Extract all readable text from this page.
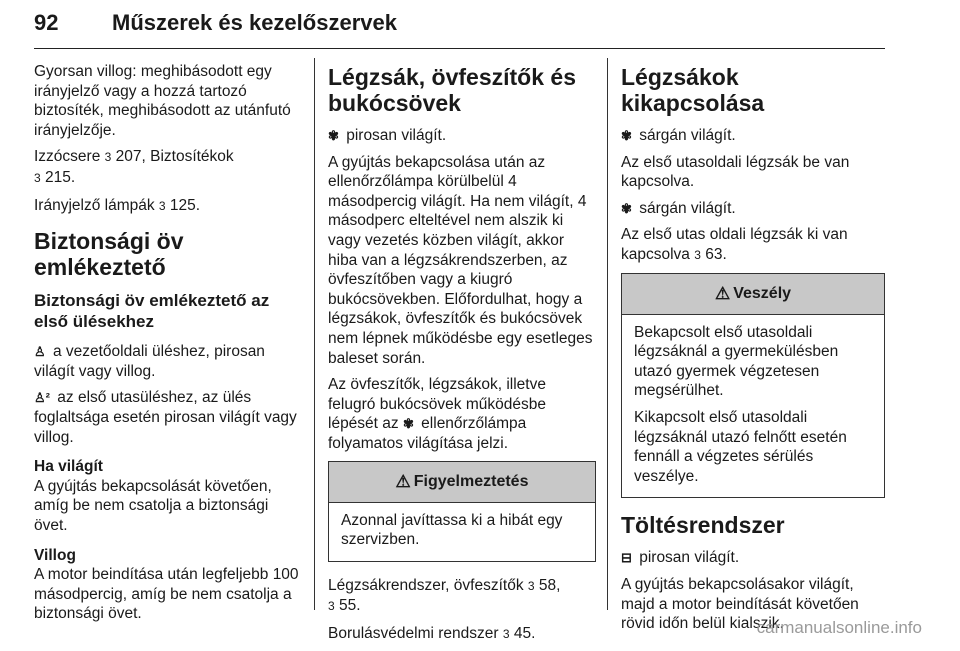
92 Műszerek és kezelőszervek

Gyorsan villog: meghibásodott egy irányjelző vagy a hozzá tartozó biztosíték, meghibásodott az utánfutó irányjelzője.

Izzócsere 3 207, Biztosítékok
3 215.

Irányjelző lámpák 3 125.

Biztonsági öv emlékeztető
Biztonsági öv emlékeztető az első ülésekhez

♙ a vezetőoldali üléshez, pirosan világít vagy villog.

♙² az első utasüléshez, az ülés foglaltsága esetén pirosan világít vagy villog.

Ha világít

A gyújtás bekapcsolását követően, amíg be nem csatolja a biztonsági övet.

Villog

A motor beindítása után legfeljebb 100 másodpercig, amíg be nem csatolja a biztonsági övet.

Légzsák, övfeszítők és bukócsövek

✾ pirosan világít.

A gyújtás bekapcsolása után az ellenőrzőlámpa körülbelül 4 másodpercig világít. Ha nem világít, 4 másodperc elteltével nem alszik ki vagy vezetés közben világít, akkor hiba van a légzsákrendszerben, az övfeszítőben vagy a kiugró bukócsövekben. Előfordulhat, hogy a légzsákok, övfeszítők és bukócsövek nem lépnek működésbe egy esetleges baleset során.

Az övfeszítők, légzsákok, illetve felugró bukócsövek működésbe lépését az ✾ ellenőrzőlámpa folyamatos világítása jelzi.

⚠ Figyelmeztetés

Azonnal javíttassa ki a hibát egy szervizben.

Légzsákrendszer, övfeszítők 3 58,
3 55.

Borulásvédelmi rendszer 3 45.

Légzsákok kikapcsolása

✾ sárgán világít.

Az első utasoldali légzsák be van kapcsolva.

✾ sárgán világít.

Az első utas oldali légzsák ki van kapcsolva 3 63.

⚠ Veszély

Bekapcsolt első utasoldali légzsáknál a gyermekülésben utazó gyermek végzetesen megsérülhet.

Kikapcsolt első utasoldali légzsáknál utazó felnőtt esetén fennáll a végzetes sérülés veszélye.

Töltésrendszer

⊟ pirosan világít.

A gyújtás bekapcsolásakor világít, majd a motor beindítását követően rövid időn belül kialszik.

carmanualsonline.info
